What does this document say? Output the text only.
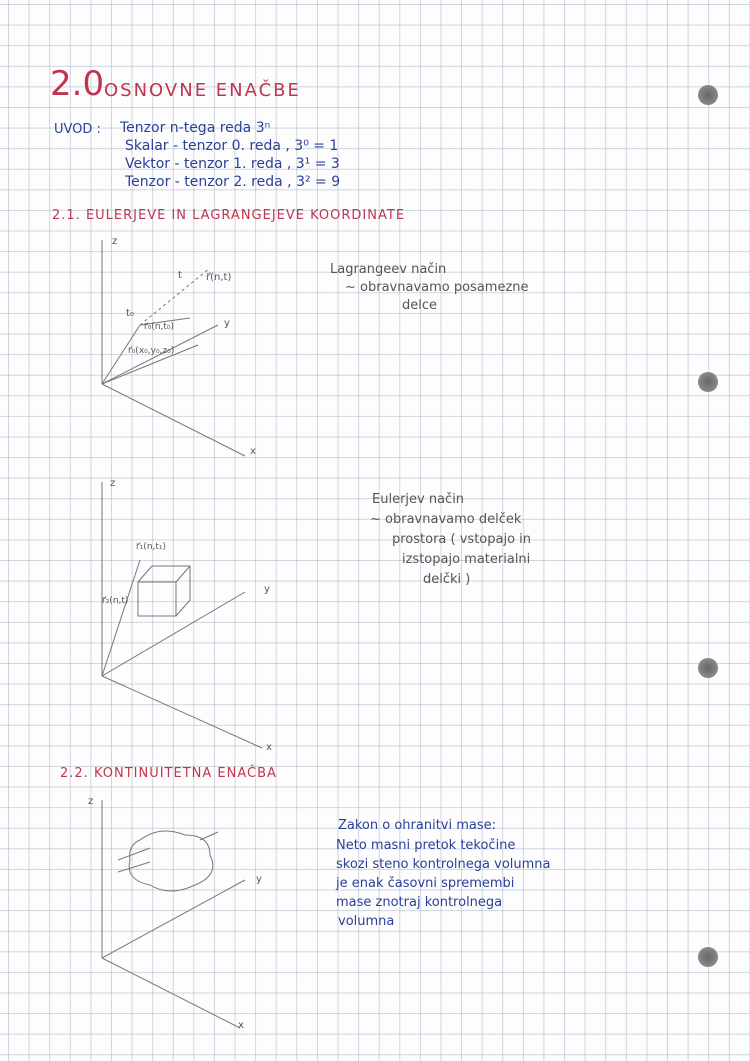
2.0 OSNOVNE ENAČBE
UVOD : Tenzor n-tega reda 3ⁿ
Skalar - tenzor 0. reda , 3⁰ = 1
Vektor - tenzor 1. reda , 3¹ = 3
Tenzor - tenzor 2. reda , 3² = 9
2.1. EULERJEVE IN LAGRANGEJEVE KOORDINATE
Lagrangeev način
~ obravnavamo posamezne
delce
Eulerjev način
~ obravnavamo delček
prostora ( vstopajo in
izstopajo materialni
delčki )
2.2. KONTINUITETNA ENAČBA
Zakon o ohranitvi mase:
Neto masni pretok tekočine
skozi steno kontrolnega volumna
je enak časovni spremembi
mase znotraj kontrolnega
volumna
z
y
x
t r⃗(n,t)
t₀
r⃗₀(n,t₀)
r⃗₀(x₀,y₀,z₀)
z
y
x
r⃗₁(n,t₁)
r⃗₂(n,t)
z
y
x
